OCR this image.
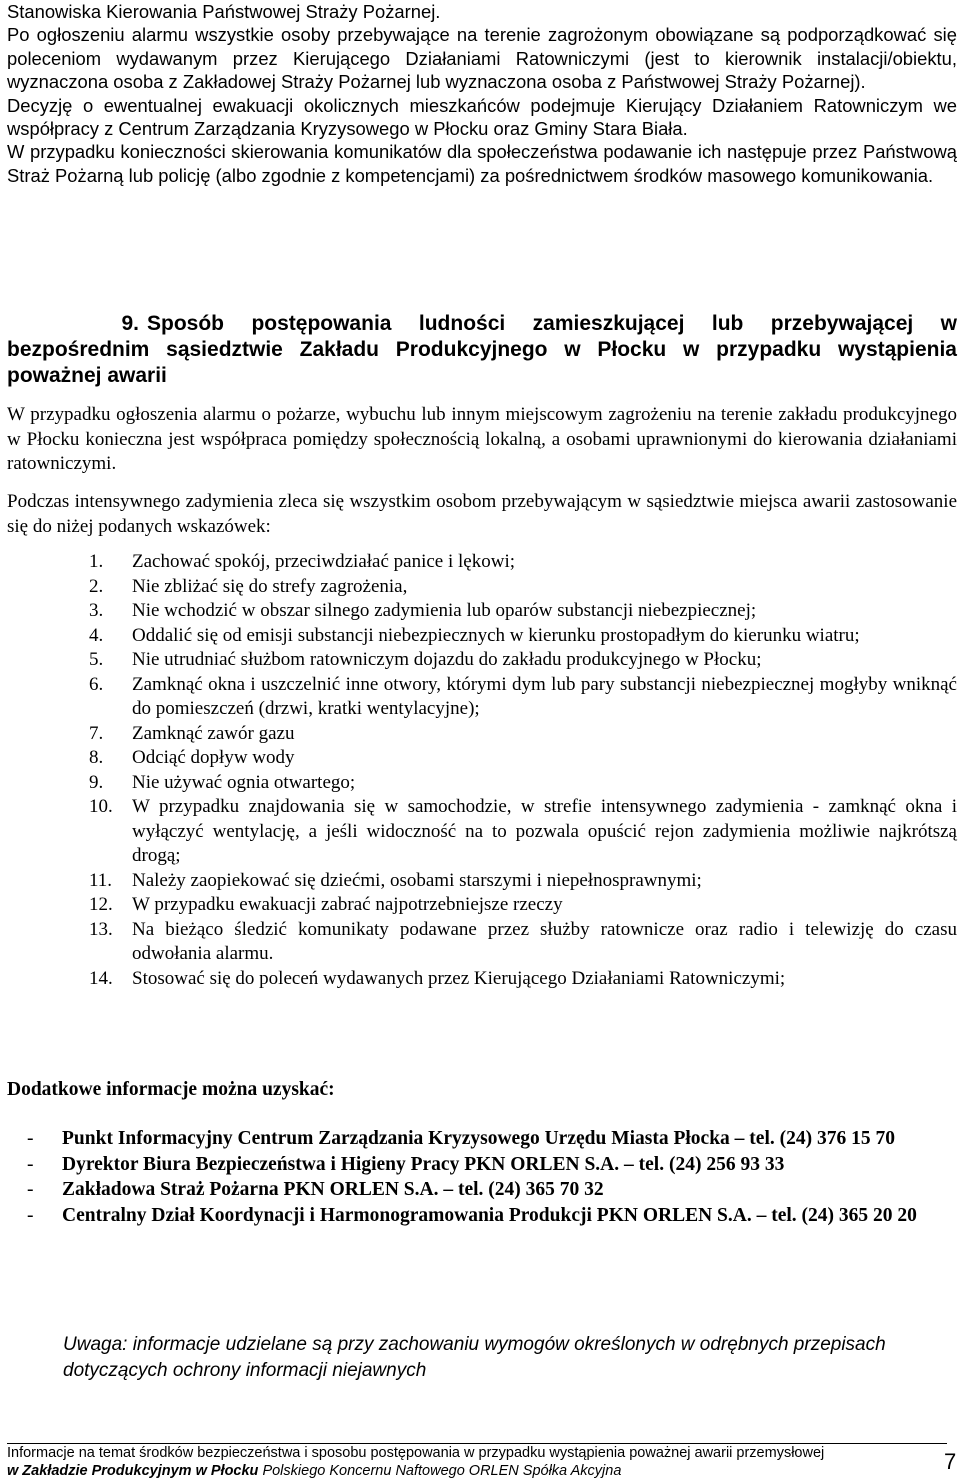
Stanowiska Kierowania Państwowej Straży Pożarnej.

Po ogłoszeniu alarmu wszystkie osoby przebywające na terenie zagrożonym obowiązane są podporządkować się poleceniom wydawanym przez Kierującego Działaniami Ratowniczymi (jest to kierownik instalacji/obiektu, wyznaczona osoba z Zakładowej Straży Pożarnej lub wyznaczona osoba z Państwowej Straży Pożarnej).

Decyzję o ewentualnej ewakuacji okolicznych mieszkańców podejmuje Kierujący Działaniem Ratowniczym we współpracy z Centrum Zarządzania Kryzysowego w Płocku oraz Gminy Stara Biała.

W przypadku konieczności skierowania komunikatów dla społeczeństwa podawanie ich następuje przez Państwową Straż Pożarną lub policję (albo zgodnie z kompetencjami) za pośrednictwem środków masowego komunikowania.

9. Sposób postępowania ludności zamieszkującej lub przebywającej w bezpośrednim sąsiedztwie Zakładu Produkcyjnego w Płocku w przypadku wystąpienia poważnej awarii

W przypadku ogłoszenia alarmu o pożarze, wybuchu lub innym miejscowym zagrożeniu na terenie zakładu produkcyjnego w Płocku konieczna jest współpraca pomiędzy społecznością lokalną, a osobami uprawnionymi do kierowania działaniami ratowniczymi.

Podczas intensywnego zadymienia zleca się wszystkim osobom przebywającym w sąsiedztwie miejsca awarii zastosowanie się do niżej podanych wskazówek:

1.	Zachować spokój, przeciwdziałać panice i lękowi;
2.	Nie zbliżać się do strefy zagrożenia,
3.	Nie wchodzić w obszar silnego zadymienia lub oparów substancji niebezpiecznej;
4.	Oddalić się od emisji substancji niebezpiecznych w kierunku prostopadłym do kierunku wiatru;
5.	Nie utrudniać służbom ratowniczym dojazdu do zakładu produkcyjnego w Płocku;
6.	Zamknąć okna i uszczelnić inne otwory, którymi dym lub pary substancji niebezpiecznej mogłyby wniknąć do pomieszczeń (drzwi, kratki wentylacyjne);
7.	Zamknąć zawór gazu
8.	Odciąć dopływ wody
9.	Nie używać ognia otwartego;
10.	W przypadku znajdowania się w samochodzie, w strefie intensywnego zadymienia - zamknąć okna i wyłączyć wentylację, a jeśli widoczność na to pozwala opuścić rejon zadymienia możliwie najkrótszą drogą;
11.	Należy zaopiekować się dziećmi, osobami starszymi i niepełnosprawnymi;
12.	W przypadku ewakuacji zabrać najpotrzebniejsze rzeczy
13.	Na bieżąco śledzić komunikaty podawane przez służby ratownicze oraz radio i telewizję do czasu odwołania alarmu.
14.	Stosować się do poleceń wydawanych przez Kierującego Działaniami Ratowniczymi;

Dodatkowe informacje można uzyskać:

- Punkt Informacyjny Centrum Zarządzania Kryzysowego Urzędu Miasta Płocka – tel. (24) 376 15 70
- Dyrektor Biura Bezpieczeństwa i Higieny Pracy PKN ORLEN S.A. – tel. (24) 256 93 33
- Zakładowa Straż Pożarna PKN ORLEN S.A. – tel. (24) 365 70 32
- Centralny Dział Koordynacji i Harmonogramowania Produkcji PKN ORLEN S.A. – tel. (24) 365 20 20

Uwaga: informacje udzielane są przy zachowaniu wymogów określonych w odrębnych przepisach dotyczących ochrony informacji niejawnych

Informacje na temat środków bezpieczeństwa i sposobu postępowania w przypadku wystąpienia poważnej awarii przemysłowej
w Zakładzie Produkcyjnym w Płocku Polskiego Koncernu Naftowego ORLEN Spółka Akcyjna	7
